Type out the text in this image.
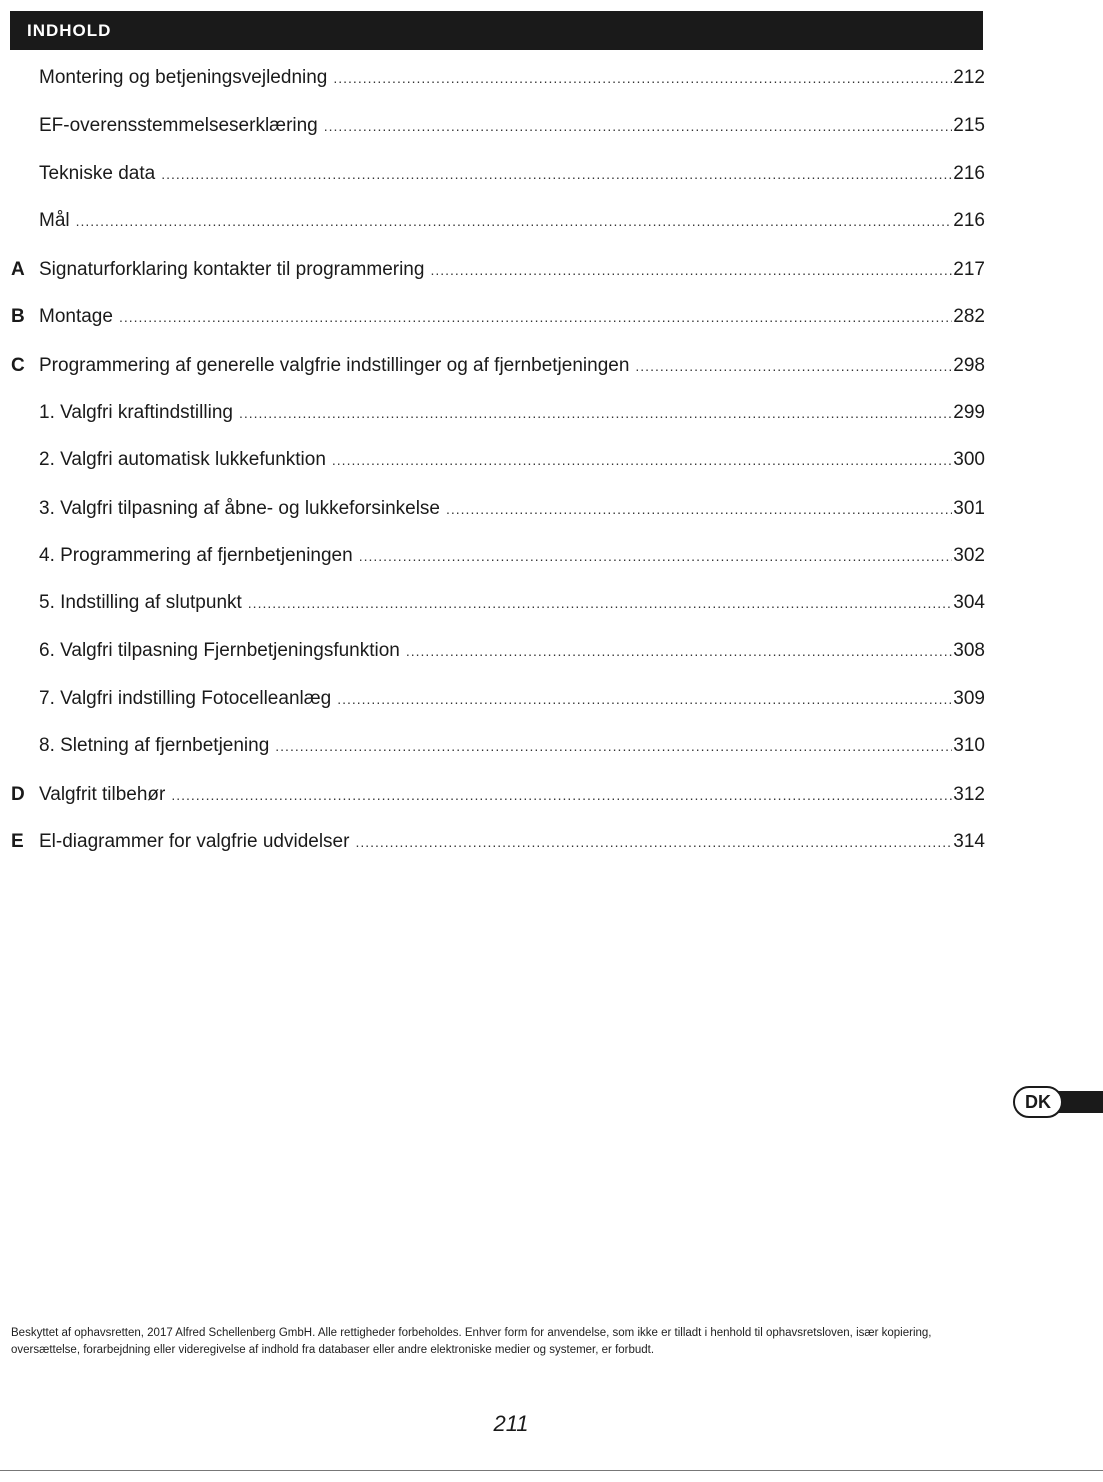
INDHOLD
Montering og betjeningsvejledning .....	212
EF-overensstemmelseserklæring .....	215
Tekniske data .....	216
Mål .....	216
A Signaturforklaring kontakter til programmering .....	217
B Montage .....	282
C Programmering af generelle valgfrie indstillinger og af fjernbetjeningen .....	298
1. Valgfri kraftindstilling .....	299
2. Valgfri automatisk lukkefunktion .....	300
3. Valgfri tilpasning af åbne- og lukkeforsinkelse .....	301
4. Programmering af fjernbetjeningen .....	302
5. Indstilling af slutpunkt .....	304
6. Valgfri tilpasning Fjernbetjeningsfunktion .....	308
7. Valgfri indstilling Fotocelleanlæg .....	309
8. Sletning af fjernbetjening .....	310
D Valgfrit tilbehør .....	312
E El-diagrammer for valgfrie udvidelser .....	314
DK
Beskyttet af ophavsretten, 2017 Alfred Schellenberg GmbH. Alle rettigheder forbeholdes. Enhver form for anvendelse, som ikke er tilladt i henhold til ophavsretsloven, især kopiering, oversættelse, forarbejdning eller videregivelse af indhold fra databaser eller andre elektroniske medier og systemer, er forbudt.
211
